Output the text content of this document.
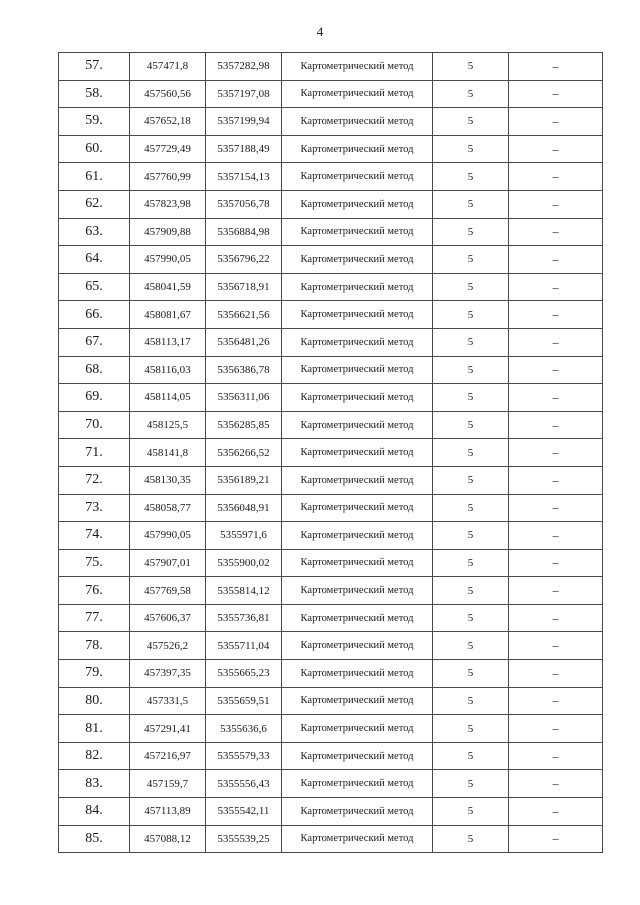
4
57.	457471,8	5357282,98	Картометрический метод	5	–
58.	457560,56	5357197,08	Картометрический метод	5	–
59.	457652,18	5357199,94	Картометрический метод	5	–
60.	457729,49	5357188,49	Картометрический метод	5	–
61.	457760,99	5357154,13	Картометрический метод	5	–
62.	457823,98	5357056,78	Картометрический метод	5	–
63.	457909,88	5356884,98	Картометрический метод	5	–
64.	457990,05	5356796,22	Картометрический метод	5	–
65.	458041,59	5356718,91	Картометрический метод	5	–
66.	458081,67	5356621,56	Картометрический метод	5	–
67.	458113,17	5356481,26	Картометрический метод	5	–
68.	458116,03	5356386,78	Картометрический метод	5	–
69.	458114,05	5356311,06	Картометрический метод	5	–
70.	458125,5	5356285,85	Картометрический метод	5	–
71.	458141,8	5356266,52	Картометрический метод	5	–
72.	458130,35	5356189,21	Картометрический метод	5	–
73.	458058,77	5356048,91	Картометрический метод	5	–
74.	457990,05	5355971,6	Картометрический метод	5	–
75.	457907,01	5355900,02	Картометрический метод	5	–
76.	457769,58	5355814,12	Картометрический метод	5	–
77.	457606,37	5355736,81	Картометрический метод	5	–
78.	457526,2	5355711,04	Картометрический метод	5	–
79.	457397,35	5355665,23	Картометрический метод	5	–
80.	457331,5	5355659,51	Картометрический метод	5	–
81.	457291,41	5355636,6	Картометрический метод	5	–
82.	457216,97	5355579,33	Картометрический метод	5	–
83.	457159,7	5355556,43	Картометрический метод	5	–
84.	457113,89	5355542,11	Картометрический метод	5	–
85.	457088,12	5355539,25	Картометрический метод	5	–
